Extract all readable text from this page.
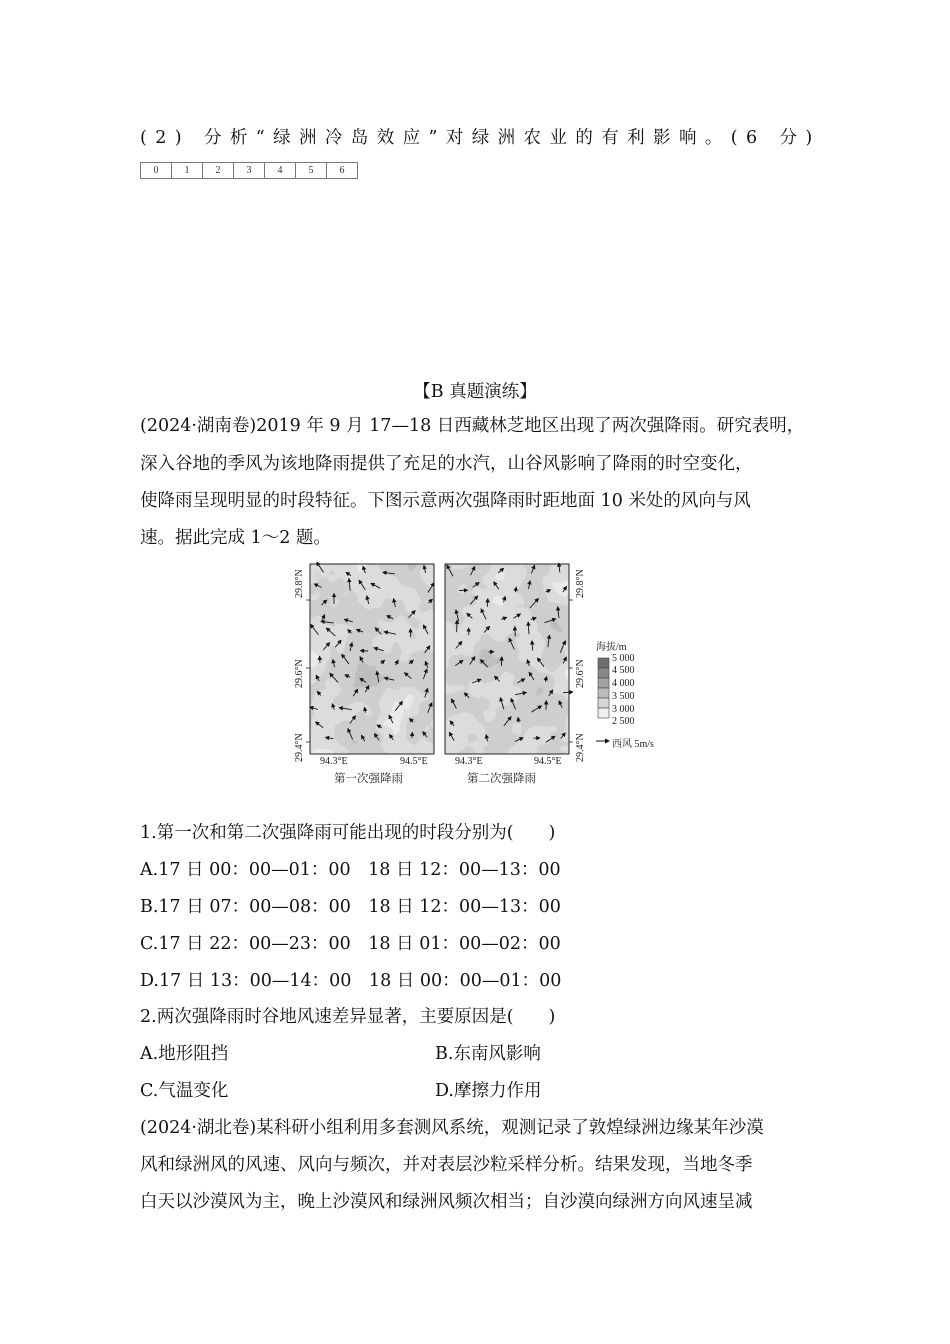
(2) 分析“绿洲冷岛效应”对绿洲农业的有利影响。(6 分)
0	1	2	3	4	5	6
【B 真题演练】
(2024·湖南卷)2019 年 9 月 17—18 日西藏林芝地区出现了两次强降雨。研究表明，
深入谷地的季风为该地降雨提供了充足的水汽，山谷风影响了降雨的时空变化，
使降雨呈现明显的时段特征。下图示意两次强降雨时距地面 10 米处的风向与风
速。据此完成 1～2 题。
29.8°N
29.6°N
29.4°N
29.8°N
29.6°N
29.4°N
94.3°E	94.5°E	94.3°E	94.5°E
第一次强降雨	第二次强降雨
海拔/m
5 000
4 500
4 000
3 500
3 000
2 500
西风 5m/s
1.第一次和第二次强降雨可能出现的时段分别为(　　)
A.17 日 00：00—01：00　18 日 12：00—13：00
B.17 日 07：00—08：00　18 日 12：00—13：00
C.17 日 22：00—23：00　18 日 01：00—02：00
D.17 日 13：00—14：00　18 日 00：00—01：00
2.两次强降雨时谷地风速差异显著，主要原因是(　　)
A.地形阻挡	B.东南风影响
C.气温变化	D.摩擦力作用
(2024·湖北卷)某科研小组利用多套测风系统，观测记录了敦煌绿洲边缘某年沙漠
风和绿洲风的风速、风向与频次，并对表层沙粒采样分析。结果发现，当地冬季
白天以沙漠风为主，晚上沙漠风和绿洲风频次相当；自沙漠向绿洲方向风速呈减
